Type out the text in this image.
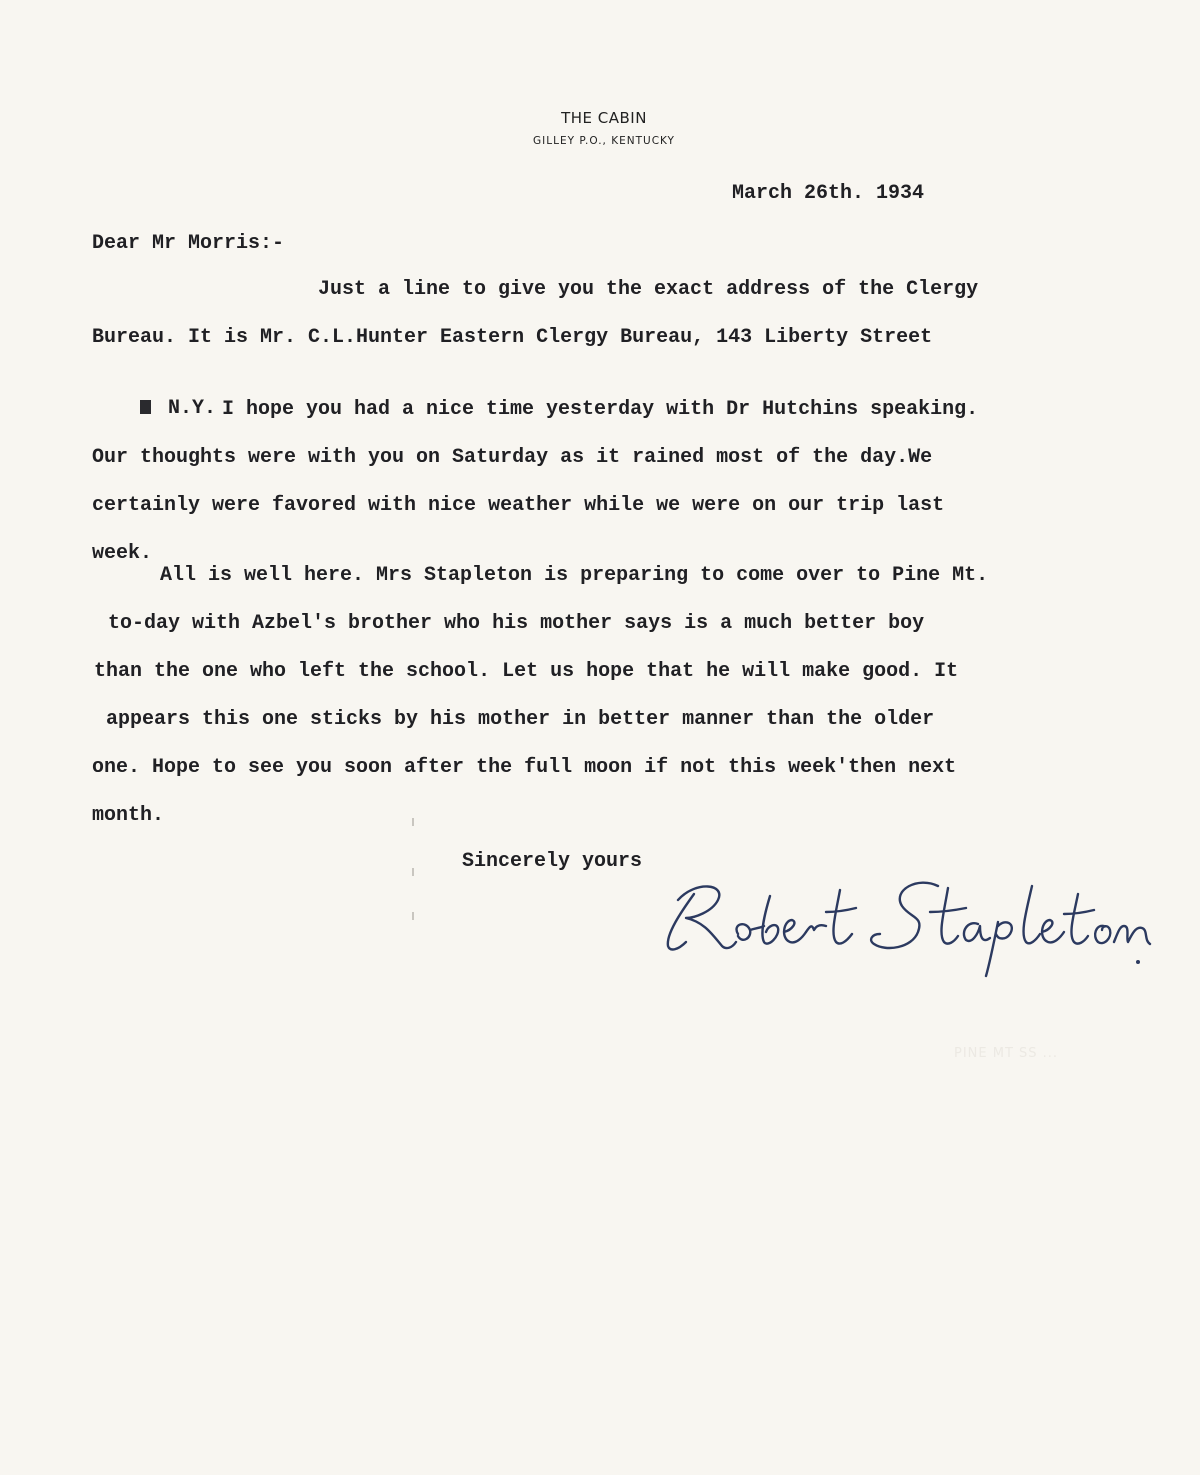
THE CABIN
GILLEY P.O., KENTUCKY
March 26th. 1934
Dear Mr Morris:-
Just a line to give you the exact address of the Clergy
Bureau. It is Mr. C.L.Hunter Eastern Clergy Bureau, 143 Liberty Street

N.Y.
I hope you had a nice time yesterday with Dr Hutchins speaking.
Our thoughts were with you on Saturday as it rained most of the day.We
certainly were favored with nice weather while we were on our trip last
week.
All is well here. Mrs Stapleton is preparing to come over to Pine Mt.
to-day with Azbel's brother who his mother says is a much better boy
than the one who left the school. Let us hope that he will make good. It
appears this one sticks by his mother in better manner than the older
one. Hope to see you soon after the full moon if not this week'then next
month.
Sincerely yours
PINE MT SS ...
